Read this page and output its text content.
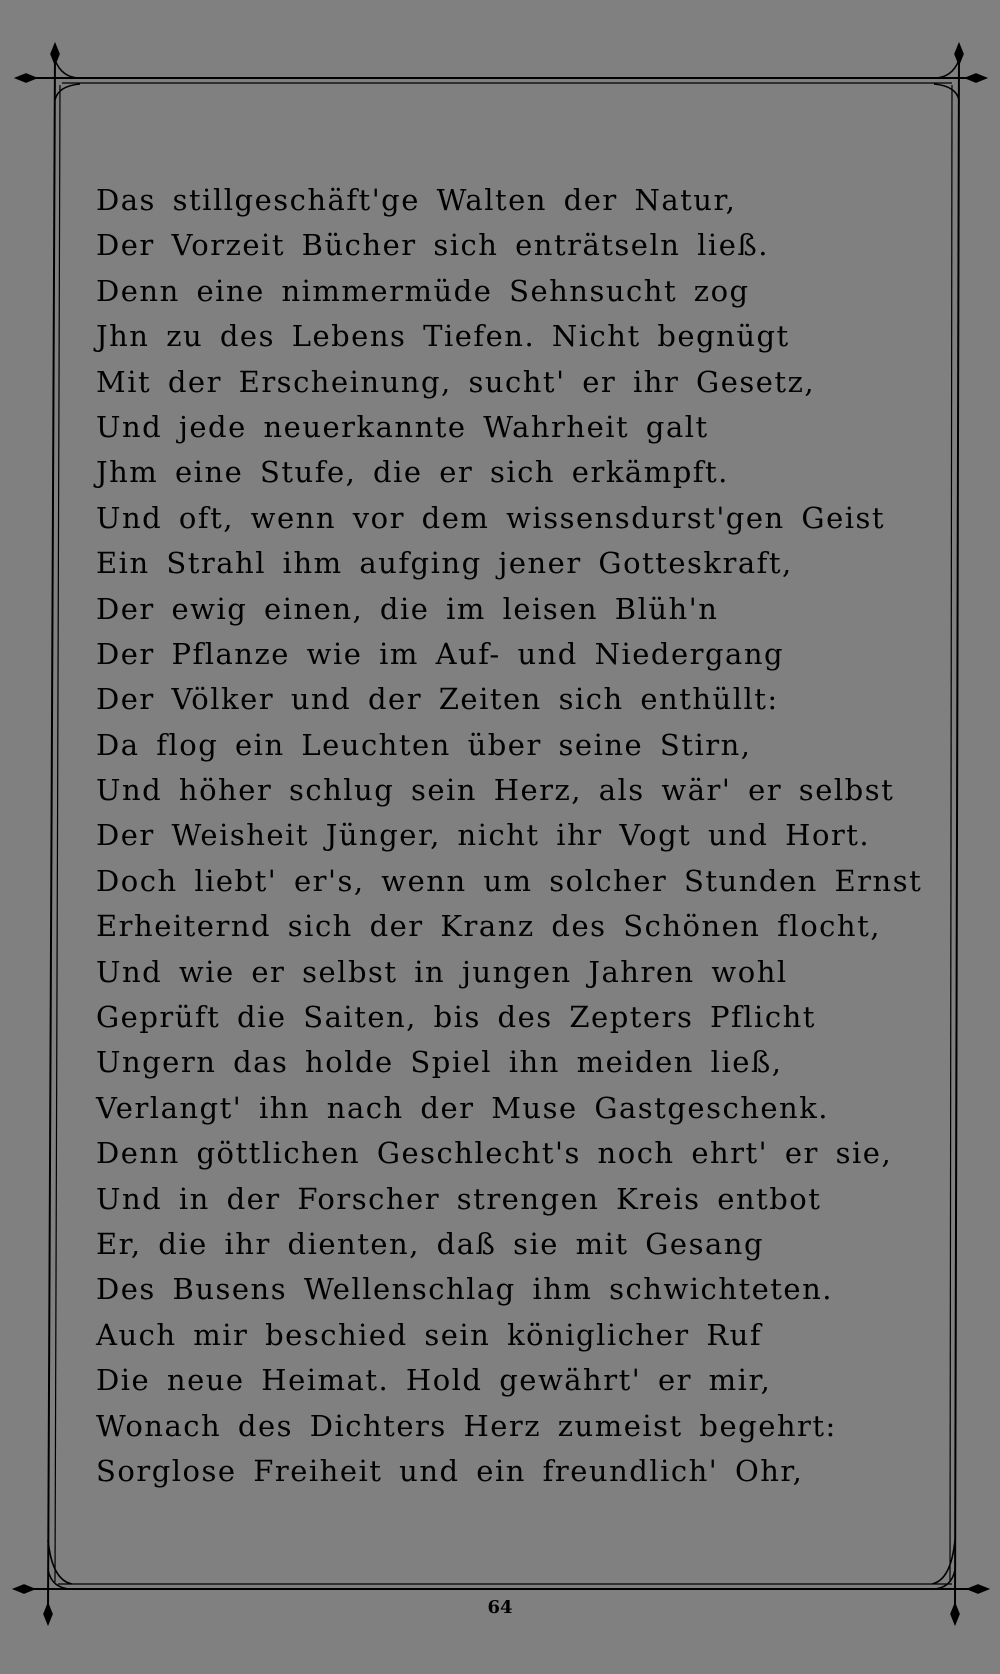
Das stillgeschäft'ge Walten der Natur,
Der Vorzeit Bücher sich enträtseln ließ.
Denn eine nimmermüde Sehnsucht zog
Jhn zu des Lebens Tiefen. Nicht begnügt
Mit der Erscheinung, sucht' er ihr Gesetz,
Und jede neuerkannte Wahrheit galt
Jhm eine Stufe, die er sich erkämpft.
Und oft, wenn vor dem wissensdurst'gen Geist
Ein Strahl ihm aufging jener Gotteskraft,
Der ewig einen, die im leisen Blüh'n
Der Pflanze wie im Auf- und Niedergang
Der Völker und der Zeiten sich enthüllt:
Da flog ein Leuchten über seine Stirn,
Und höher schlug sein Herz, als wär' er selbst
Der Weisheit Jünger, nicht ihr Vogt und Hort.
Doch liebt' er's, wenn um solcher Stunden Ernst
Erheiternd sich der Kranz des Schönen flocht,
Und wie er selbst in jungen Jahren wohl
Geprüft die Saiten, bis des Zepters Pflicht
Ungern das holde Spiel ihn meiden ließ,
Verlangt' ihn nach der Muse Gastgeschenk.
Denn göttlichen Geschlecht's noch ehrt' er sie,
Und in der Forscher strengen Kreis entbot
Er, die ihr dienten, daß sie mit Gesang
Des Busens Wellenschlag ihm schwichteten.
Auch mir beschied sein königlicher Ruf
Die neue Heimat. Hold gewährt' er mir,
Wonach des Dichters Herz zumeist begehrt:
Sorglose Freiheit und ein freundlich' Ohr,
64
